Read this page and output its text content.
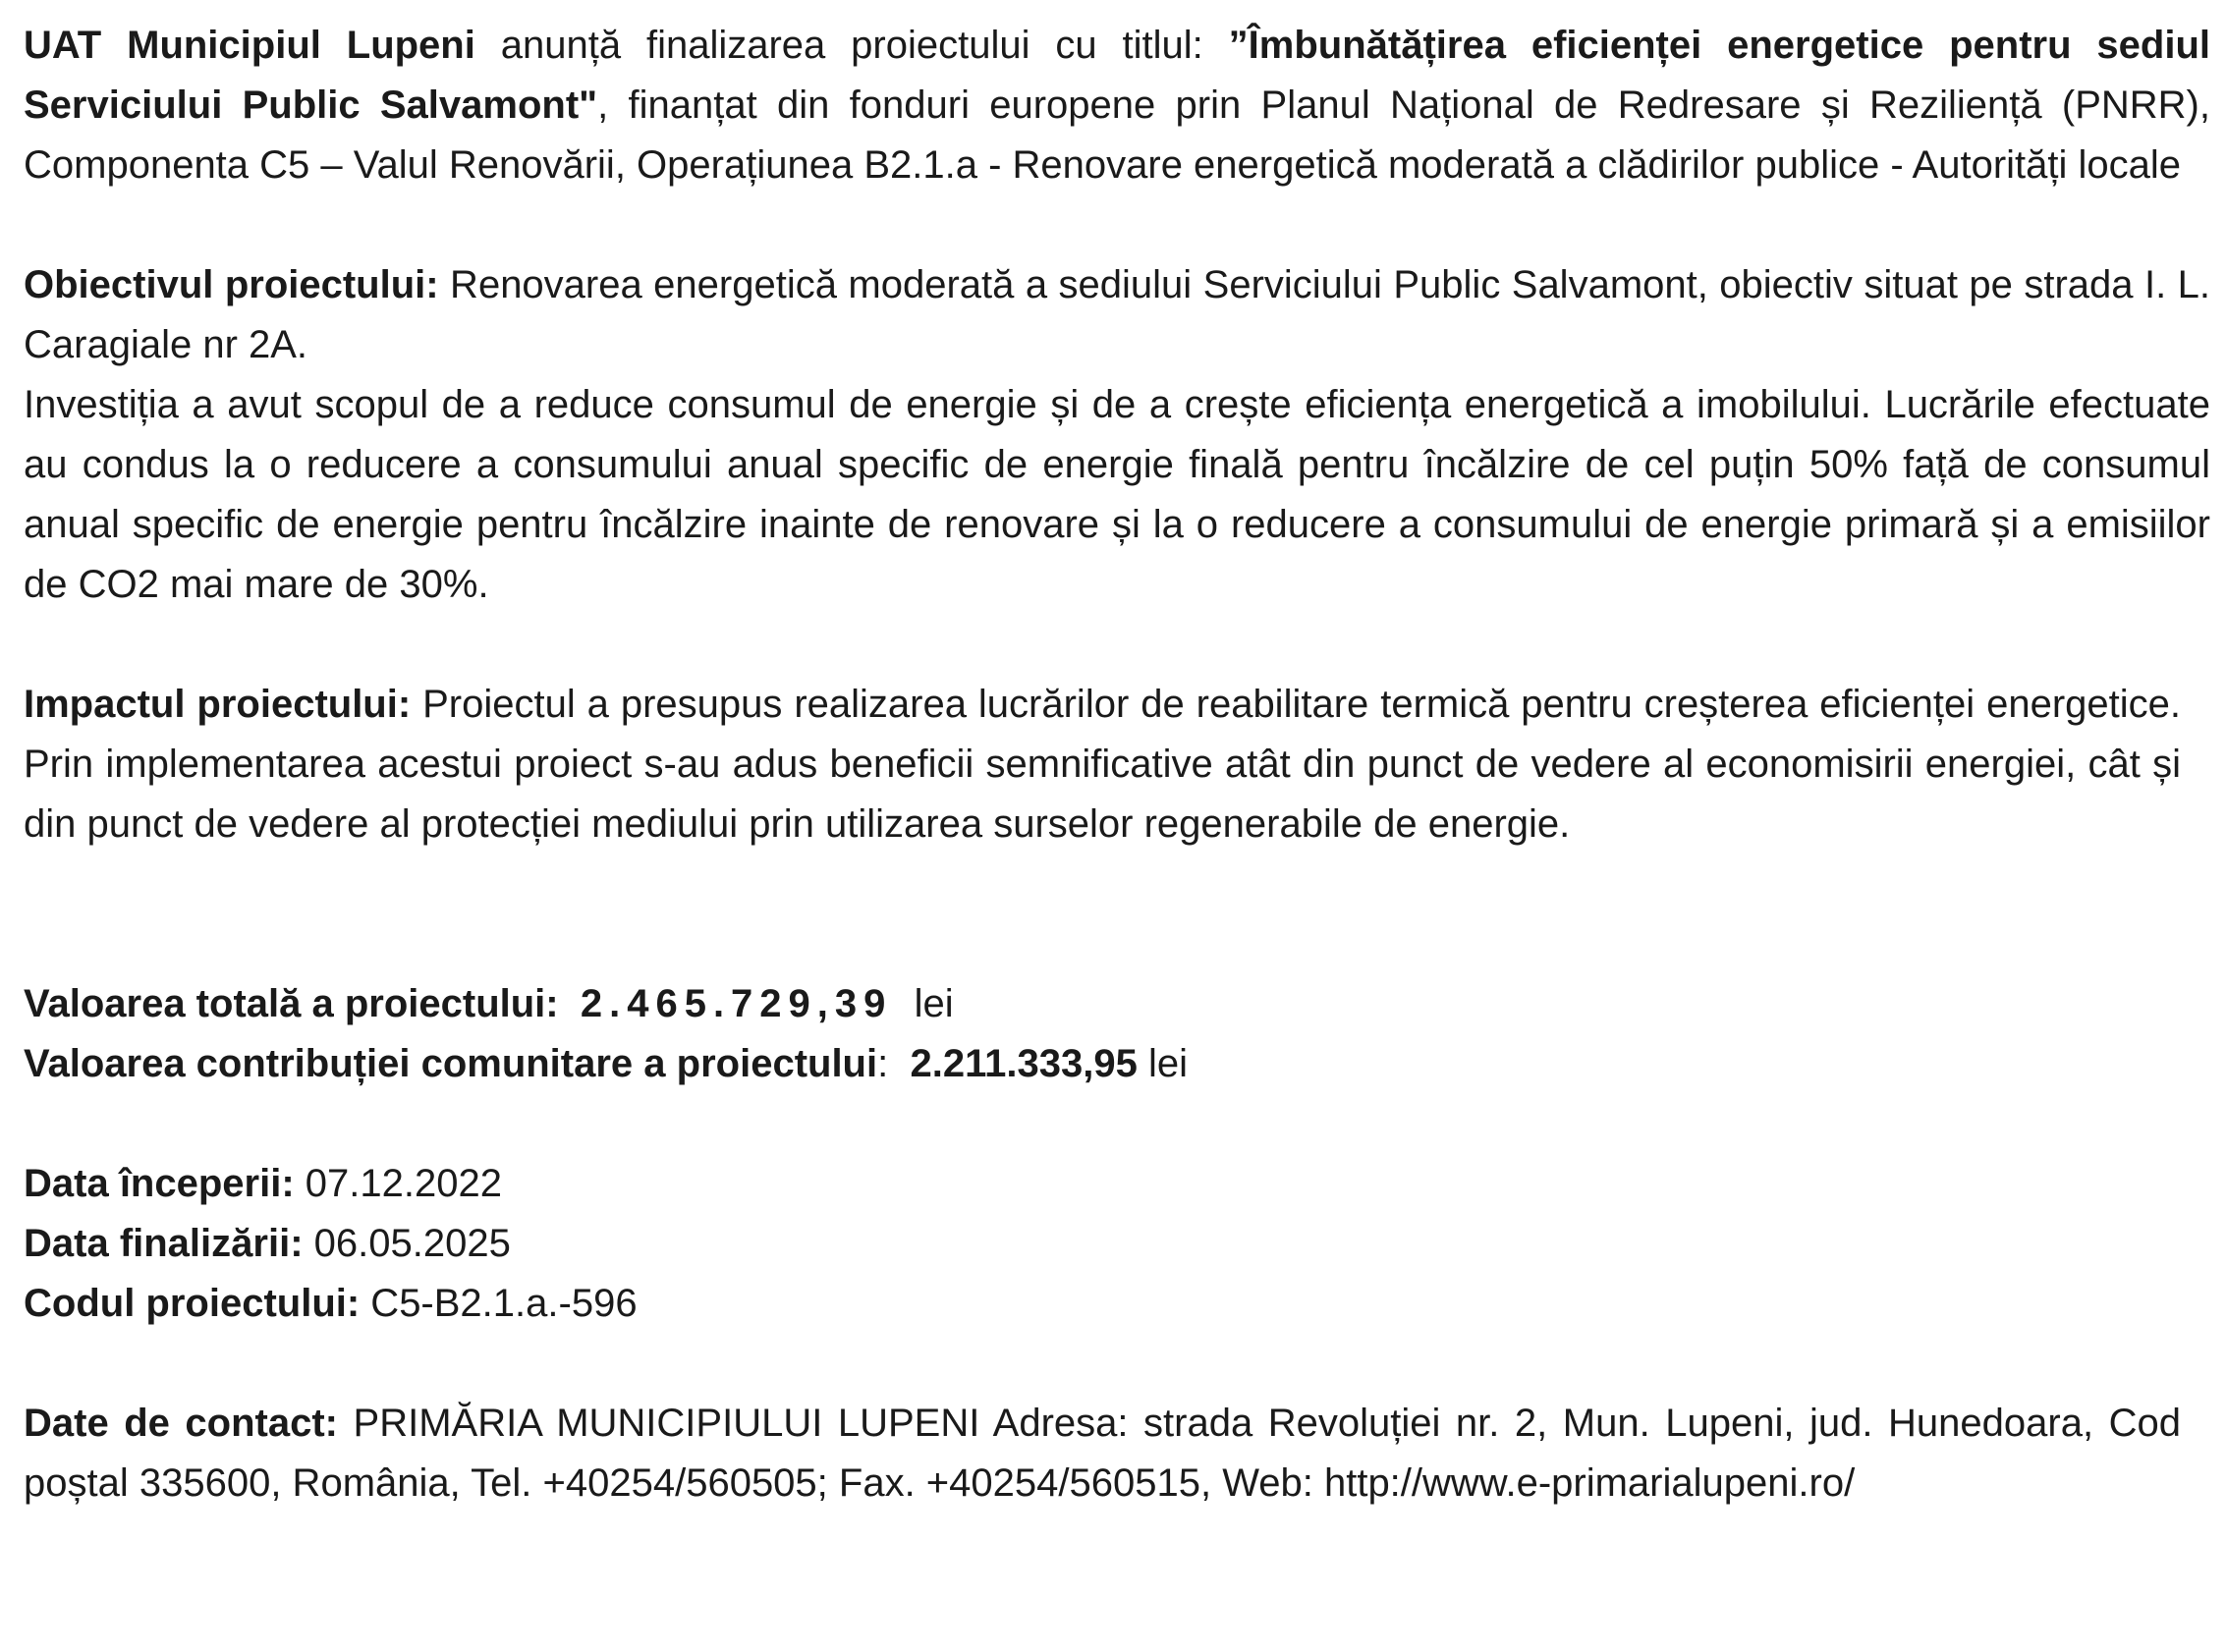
UAT Municipiul Lupeni anunță finalizarea proiectului cu titlul: ”Îmbunătățirea eficienței energetice pentru sediul Serviciului Public Salvamont", finanțat din fonduri europene prin Planul Național de Redresare și Reziliență (PNRR), Componenta C5 – Valul Renovării, Operațiunea B2.1.a - Renovare energetică moderată a clădirilor publice - Autorități locale

Obiectivul proiectului: Renovarea energetică moderată a sediului Serviciului Public Salvamont, obiectiv situat pe strada I. L. Caragiale nr 2A.

Investiția a avut scopul de a reduce consumul de energie și de a crește eficiența energetică a imobilului. Lucrările efectuate au condus la o reducere a consumului anual specific de energie finală pentru încălzire de cel puțin 50% față de consumul anual specific de energie pentru încălzire inainte de renovare și la o reducere a consumului de energie primară și a emisiilor de CO2 mai mare de 30%.

Impactul proiectului: Proiectul a presupus realizarea lucrărilor de reabilitare termică pentru creșterea eficienței energetice. Prin implementarea acestui proiect s-au adus beneficii semnificative atât din punct de vedere al economisirii energiei, cât și din punct de vedere al protecției mediului prin utilizarea surselor regenerabile de energie.

Valoarea totală a proiectului: 2.465.729,39 lei

Valoarea contribuției comunitare a proiectului: 2.211.333,95 lei

Data începerii: 07.12.2022

Data finalizării: 06.05.2025

Codul proiectului: C5-B2.1.a.-596

Date de contact: PRIMĂRIA MUNICIPIULUI LUPENI Adresa: strada Revoluției nr. 2, Mun. Lupeni, jud. Hunedoara, Cod poștal 335600, România, Tel. +40254/560505; Fax. +40254/560515, Web: http://www.e-primarialupeni.ro/
